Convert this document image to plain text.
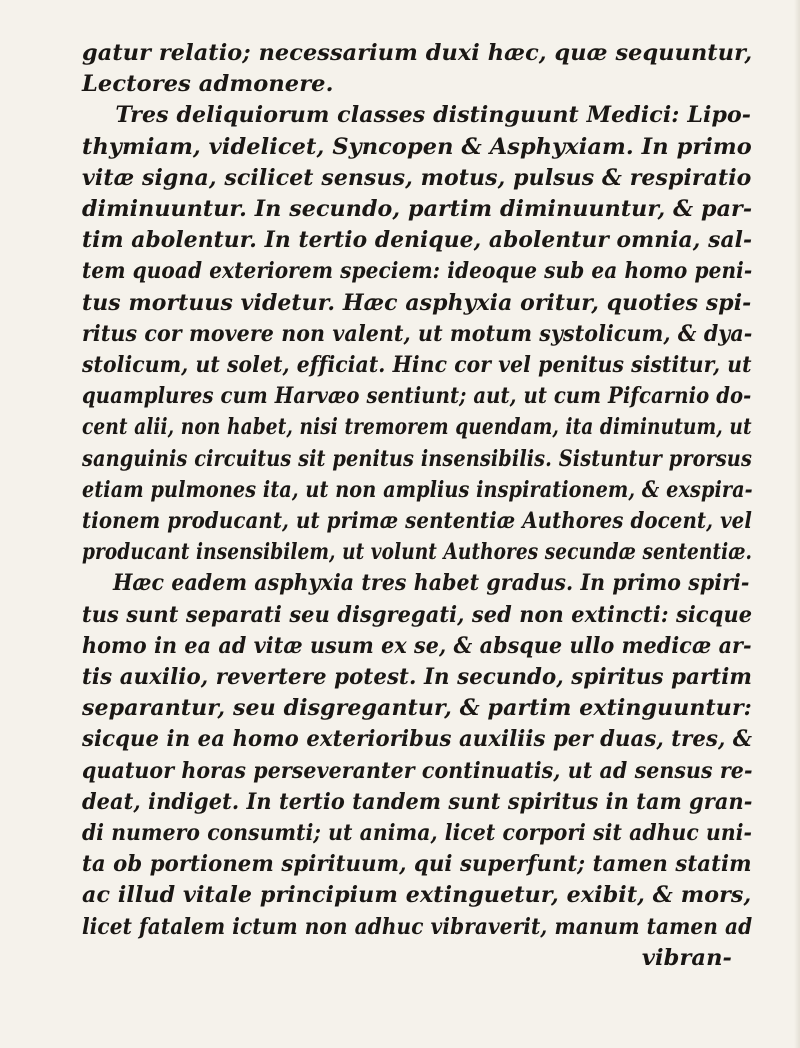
gatur relatio; necessarium duxi hæc, quæ sequuntur,
Lectores admonere.
Tres deliquiorum classes distinguunt Medici: Lipo-
thymiam, videlicet, Syncopen & Asphyxiam. In primo
vitæ signa, scilicet sensus, motus, pulsus & respiratio
diminuuntur. In secundo, partim diminuuntur, & par-
tim abolentur. In tertio denique, abolentur omnia, sal-
tem quoad exteriorem speciem: ideoque sub ea homo peni-
tus mortuus videtur. Hæc asphyxia oritur, quoties spi-
ritus cor movere non valent, ut motum systolicum, & dya-
stolicum, ut solet, efficiat. Hinc cor vel penitus sistitur, ut
quamplures cum Harvæo sentiunt; aut, ut cum Pifcarnio do-
cent alii, non habet, nisi tremorem quendam, ita diminutum, ut
sanguinis circuitus sit penitus insensibilis. Sistuntur prorsus
etiam pulmones ita, ut non amplius inspirationem, & exspira-
tionem producant, ut primæ sententiæ Authores docent, vel
producant insensibilem, ut volunt Authores secundæ sententiæ.
Hæc eadem asphyxia tres habet gradus. In primo spiri-
tus sunt separati seu disgregati, sed non extincti: sicque
homo in ea ad vitæ usum ex se, & absque ullo medicæ ar-
tis auxilio, revertere potest. In secundo, spiritus partim
separantur, seu disgregantur, & partim extinguuntur:
sicque in ea homo exterioribus auxiliis per duas, tres, &
quatuor horas perseveranter continuatis, ut ad sensus re-
deat, indiget. In tertio tandem sunt spiritus in tam gran-
di numero consumti; ut anima, licet corpori sit adhuc uni-
ta ob portionem spirituum, qui superfunt; tamen statim
ac illud vitale principium extinguetur, exibit, & mors,
licet fatalem ictum non adhuc vibraverit, manum tamen ad
vibran-
